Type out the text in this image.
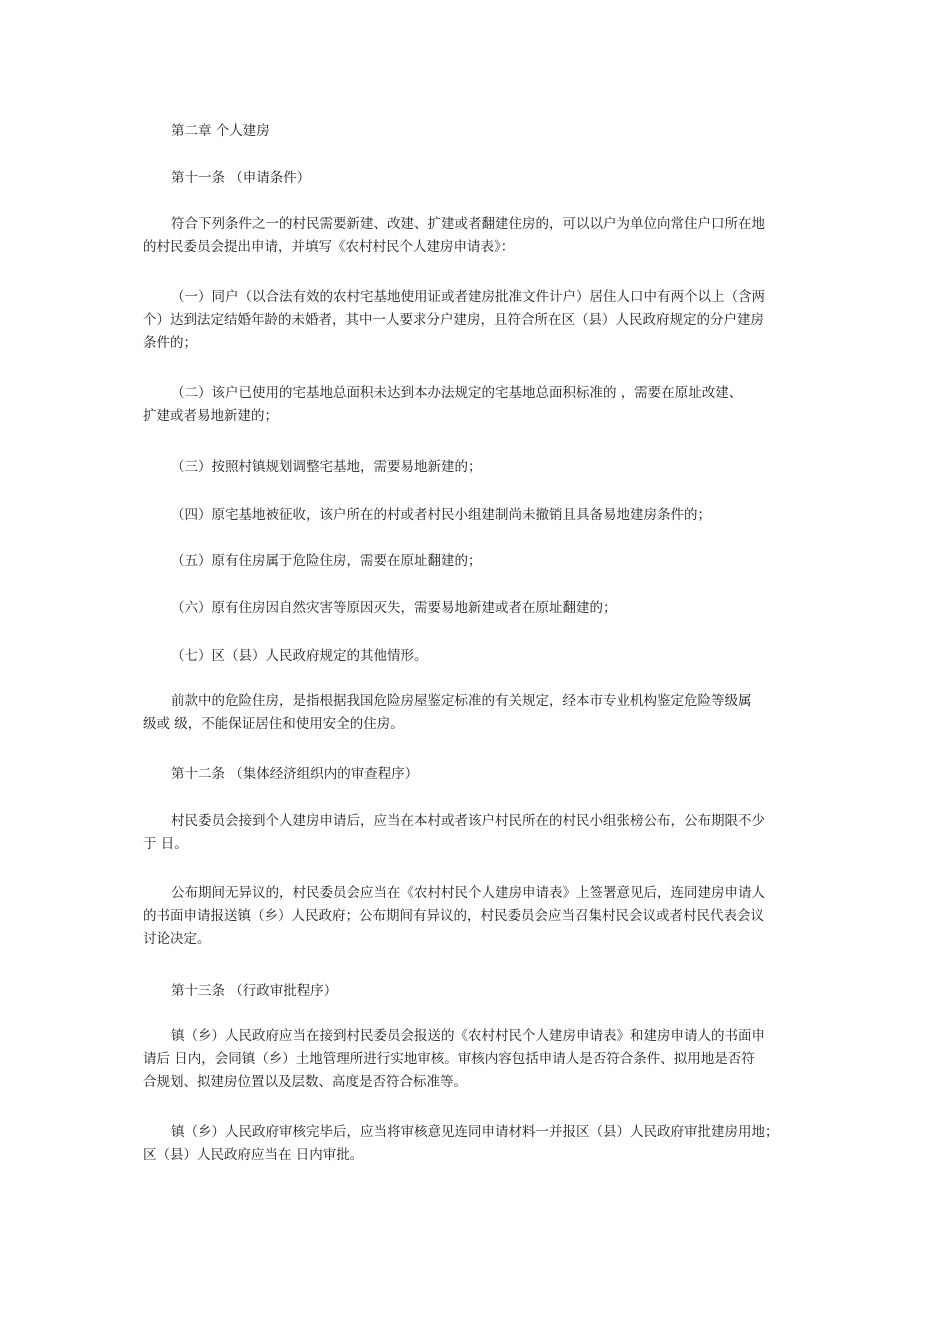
第二章 个人建房
第十一条 （申请条件）
符合下列条件之一的村民需要新建、改建、扩建或者翻建住房的，可以以户为单位向常住户口所在地
的村民委员会提出申请，并填写《农村村民个人建房申请表》：
（一）同户（以合法有效的农村宅基地使用证或者建房批准文件计户）居住人口中有两个以上（含两
个）达到法定结婚年龄的未婚者，其中一人要求分户建房，且符合所在区（县）人民政府规定的分户建房
条件的；
（二）该户已使用的宅基地总面积未达到本办法规定的宅基地总面积标准的 ，需要在原址改建、
扩建或者易地新建的；
（三）按照村镇规划调整宅基地，需要易地新建的；
（四）原宅基地被征收，该户所在的村或者村民小组建制尚未撤销且具备易地建房条件的；
（五）原有住房属于危险住房，需要在原址翻建的；
（六）原有住房因自然灾害等原因灭失，需要易地新建或者在原址翻建的；
（七）区（县）人民政府规定的其他情形。
前款中的危险住房，是指根据我国危险房屋鉴定标准的有关规定，经本市专业机构鉴定危险等级属
级或 级，不能保证居住和使用安全的住房。
第十二条 （集体经济组织内的审查程序）
村民委员会接到个人建房申请后，应当在本村或者该户村民所在的村民小组张榜公布，公布期限不少
于 日。
公布期间无异议的，村民委员会应当在《农村村民个人建房申请表》上签署意见后，连同建房申请人
的书面申请报送镇（乡）人民政府；公布期间有异议的，村民委员会应当召集村民会议或者村民代表会议
讨论决定。
第十三条 （行政审批程序）
镇（乡）人民政府应当在接到村民委员会报送的《农村村民个人建房申请表》和建房申请人的书面申
请后 日内，会同镇（乡）土地管理所进行实地审核。审核内容包括申请人是否符合条件、拟用地是否符
合规划、拟建房位置以及层数、高度是否符合标准等。
镇（乡）人民政府审核完毕后，应当将审核意见连同申请材料一并报区（县）人民政府审批建房用地；
区（县）人民政府应当在 日内审批。
